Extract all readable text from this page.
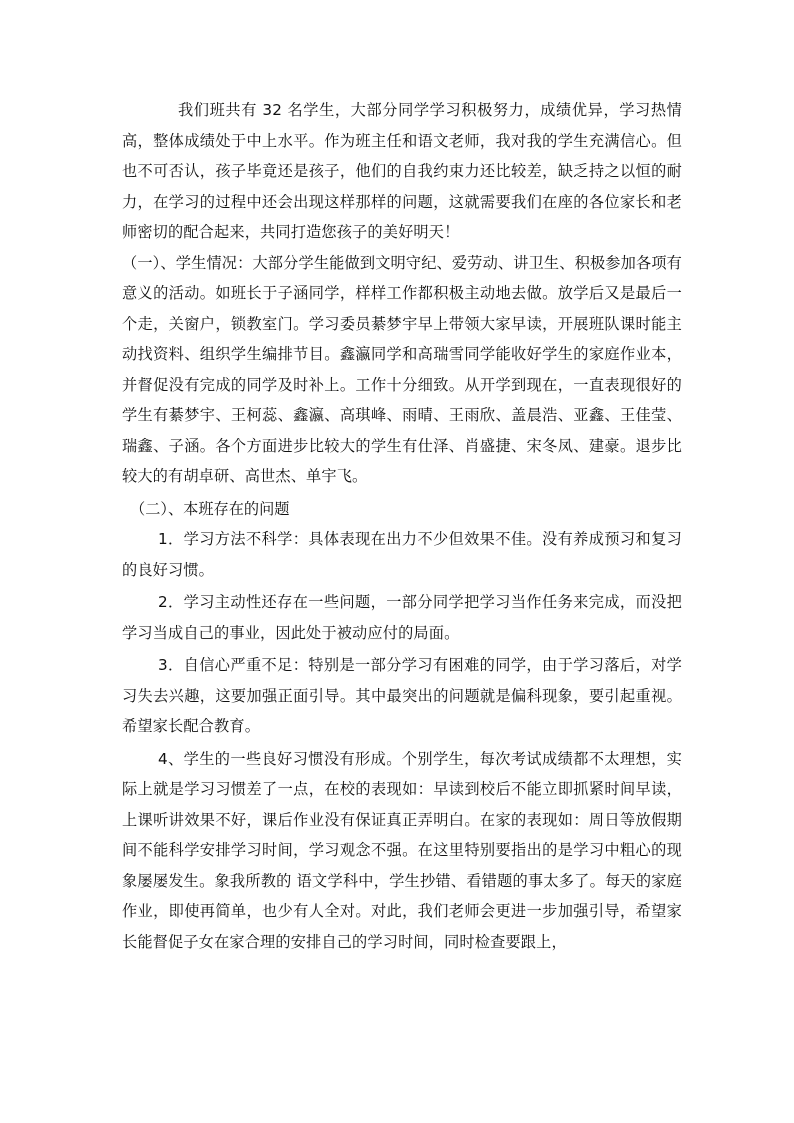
我们班共有 32 名学生，大部分同学学习积极努力，成绩优异，学习热情高，整体成绩处于中上水平。作为班主任和语文老师，我对我的学生充满信心。但也不可否认，孩子毕竟还是孩子，他们的自我约束力还比较差，缺乏持之以恒的耐力，在学习的过程中还会出现这样那样的问题，这就需要我们在座的各位家长和老师密切的配合起来，共同打造您孩子的美好明天！

（一）、学生情况：大部分学生能做到文明守纪、爱劳动、讲卫生、积极参加各项有意义的活动。如班长于子涵同学，样样工作都积极主动地去做。放学后又是最后一个走，关窗户，锁教室门。学习委员綦梦宇早上带领大家早读，开展班队课时能主动找资料、组织学生编排节目。鑫瀛同学和高瑞雪同学能收好学生的家庭作业本，并督促没有完成的同学及时补上。工作十分细致。从开学到现在，一直表现很好的学生有綦梦宇、王柯蕊、鑫瀛、高琪峰、雨晴、王雨欣、盖晨浩、亚鑫、王佳莹、瑞鑫、子涵。各个方面进步比较大的学生有仕泽、肖盛捷、宋冬凤、建豪。退步比较大的有胡卓研、高世杰、单宇飞。

（二）、本班存在的问题

1．学习方法不科学：具体表现在出力不少但效果不佳。没有养成预习和复习的良好习惯。

2．学习主动性还存在一些问题，一部分同学把学习当作任务来完成，而没把学习当成自己的事业，因此处于被动应付的局面。

3．自信心严重不足：特别是一部分学习有困难的同学，由于学习落后，对学习失去兴趣，这要加强正面引导。其中最突出的问题就是偏科现象，要引起重视。希望家长配合教育。

4、学生的一些良好习惯没有形成。个别学生，每次考试成绩都不太理想，实际上就是学习习惯差了一点，在校的表现如：早读到校后不能立即抓紧时间早读，上课听讲效果不好，课后作业没有保证真正弄明白。在家的表现如：周日等放假期间不能科学安排学习时间，学习观念不强。在这里特别要指出的是学习中粗心的现象屡屡发生。象我所教的 语文学科中，学生抄错、看错题的事太多了。每天的家庭作业，即使再简单，也少有人全对。对此，我们老师会更进一步加强引导，希望家长能督促子女在家合理的安排自己的学习时间，同时检查要跟上，
